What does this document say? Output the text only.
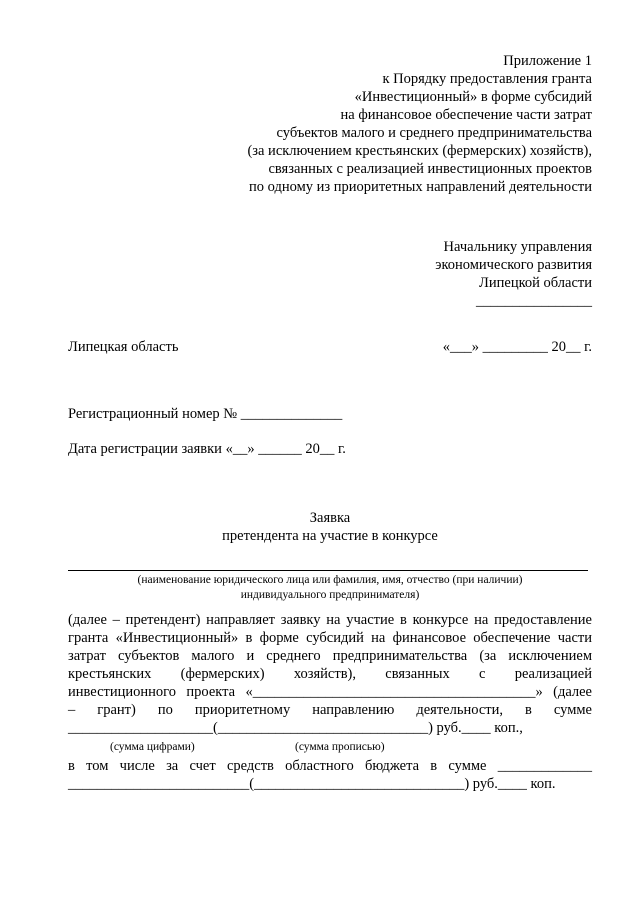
Приложение 1
к Порядку предоставления гранта
«Инвестиционный» в форме субсидий
на финансовое обеспечение части затрат
субъектов малого и среднего предпринимательства
(за исключением крестьянских (фермерских) хозяйств),
связанных с реализацией инвестиционных проектов
по одному из приоритетных направлений деятельности
Начальнику управления
экономического развития
Липецкой области
________________
Липецкая область	«___» _________ 20__ г.
Регистрационный номер № ______________
Дата регистрации заявки «__» ______ 20__ г.
Заявка
претендента на участие в конкурсе
(наименование юридического лица или фамилия, имя, отчество (при наличии)
индивидуального предпринимателя)
(далее – претендент) направляет заявку на участие в конкурсе на предоставление
гранта «Инвестиционный» в форме субсидий на финансовое обеспечение части
затрат субъектов малого и среднего предпринимательства (за исключением
крестьянских (фермерских) хозяйств), связанных с реализацией
инвестиционного проекта «_______________________________________» (далее
– грант) по приоритетному направлению деятельности, в сумме
____________________(_____________________________) руб.____ коп.,
(сумма цифрами)	(сумма прописью)
в том числе за счет средств областного бюджета в сумме _____________
_________________________(_____________________________) руб.____ коп.
